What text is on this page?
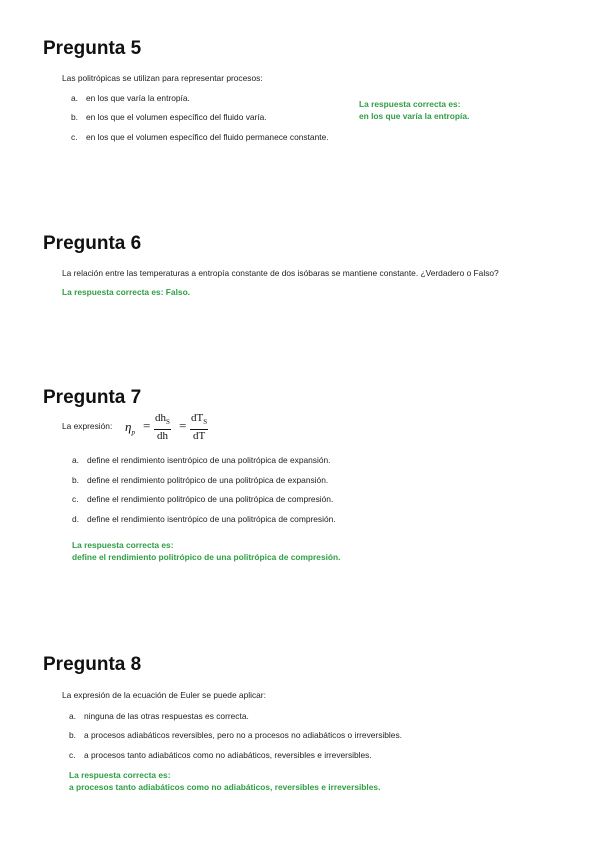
Pregunta 5
Las politrópicas se utilizan para representar procesos:
a. en los que varía la entropía.
b. en los que el volumen específico del fluido varía.
c. en los que el volumen específico del fluido permanece constante.
La respuesta correcta es:
en los que varía la entropía.
Pregunta 6
La relación entre las temperaturas a entropía constante de dos isóbaras se mantiene constante. ¿Verdadero o Falso?
La respuesta correcta es: Falso.
Pregunta 7
La expresión: $\eta_p = dh_S$
dh
= $dT_S$
dT
a. define el rendimiento isentrópico de una politrópica de expansión.
b. define el rendimiento politrópico de una politrópica de expansión.
c. define el rendimiento politrópico de una politrópica de compresión.
d. define el rendimiento isentrópico de una politrópica de compresión.
La respuesta correcta es:
define el rendimiento politrópico de una politrópica de compresión.
Pregunta 8
La expresión de la ecuación de Euler se puede aplicar:
a. ninguna de las otras respuestas es correcta.
b. a procesos adiabáticos reversibles, pero no a procesos no adiabáticos o irreversibles.
c. a procesos tanto adiabáticos como no adiabáticos, reversibles e irreversibles.
La respuesta correcta es:
a procesos tanto adiabáticos como no adiabáticos, reversibles e irreversibles.
